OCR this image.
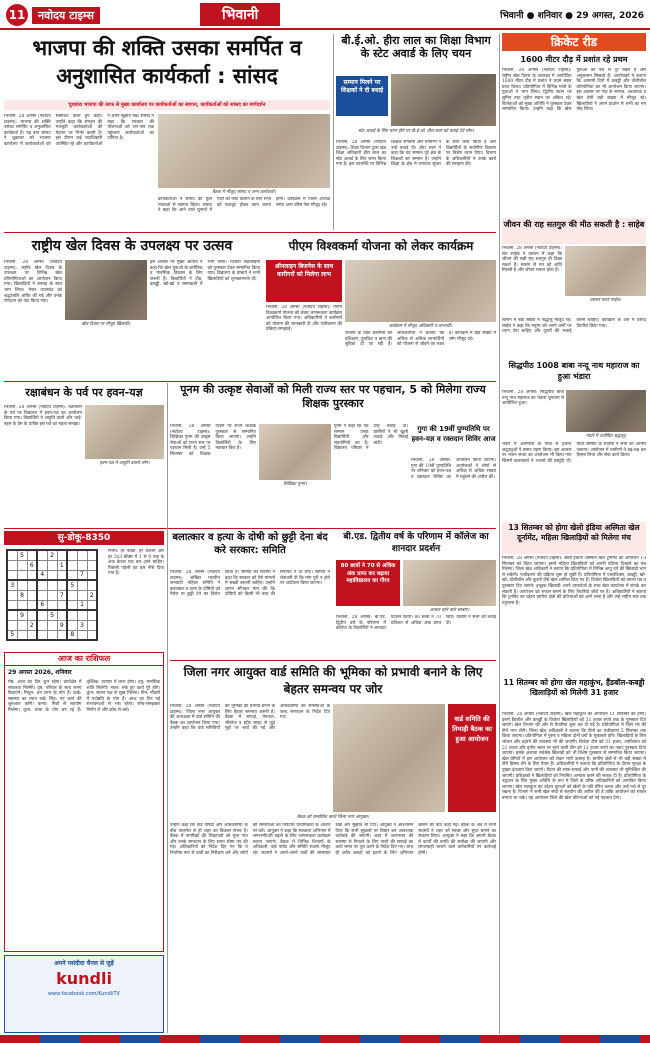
11	नवोदय टाइम्स	भिवानी	भिवानी ● शनिवार ● 29 अगस्त, 2026
भाजपा की शक्ति उसका समर्पित व अनुशासित कार्यकर्ता : सांसद
चुधवारा भाजपा की तरफ से मुख्य कार्यालय पर कार्यकर्ताओं का स्वागत, कार्यकर्ताओं को सांसद का मार्गदर्शन
भिवानी, 28 अगस्त (नवोदय टाइम्स): भाजपा की शक्ति उसका समर्पित व अनुशासित कार्यकर्ता है। यह बात सांसद ने शुक्रवार को भाजपा कार्यालय में कार्यकर्ताओं को संबोधित करते हुए कही। उन्होंने कहा कि संगठन की मजबूती कार्यकर्ताओं की मेहनत पर निर्भर करती है। इस दौरान कई पदाधिकारी उपस्थित रहे और कार्यकर्ताओं ने अपने सुझाव रखे। सांसद ने कहा कि सरकार की योजनाओं को जन-जन तक पहुंचाना कार्यकर्ताओं का दायित्व है।
बैठक में मौजूद सांसद व अन्य कार्यकर्ता।
कार्यकर्ताओं ने सांसद का फूल मालाओं से स्वागत किया। सांसद ने कहा कि आने वाले चुनावों में पार्टी को जीत दिलाने के लिए सभी को एकजुट होकर काम करना होगा। कार्यक्रम में जिला अध्यक्ष समेत अन्य वरिष्ठ नेता मौजूद रहे।
बी.ई.ओ. हीरा लाल का शिक्षा विभाग के स्टेट अवार्ड के लिए चयन
सम्मान मिलने पर शिक्षकों ने दी बधाई
स्टेट अवार्ड के लिए चयन होने पर बी.ई.ओ. हीरा लाल को बधाई देते लोग।
भिवानी, 28 अगस्त (नवोदय टाइम्स): शिक्षा विभाग द्वारा खंड शिक्षा अधिकारी हीरा लाल का स्टेट अवार्ड के लिए चयन किया गया है। इस उपलब्धि पर विभिन्न शिक्षक संगठनों और ग्रामीणों ने उन्हें बधाई दी। हीरा लाल ने कहा कि यह सम्मान पूरे क्षेत्र के शिक्षकों का सम्मान है। उन्होंने शिक्षा के क्षेत्र में लगातार सुधार के लिए कार्य किया है और विद्यार्थियों के सर्वांगीण विकास पर विशेष ध्यान दिया। विभाग के अधिकारियों ने उनके कार्य की सराहना की।
क्रिकेट रीड
1600 मीटर दौड़ में प्रशांत रहे प्रथम
भिवानी, 28 अगस्त (नवोदय टाइम्स): राष्ट्रीय खेल दिवस के उपलक्ष्य में आयोजित 1600 मीटर दौड़ में प्रशांत ने प्रथम स्थान प्राप्त किया। प्रतियोगिता में विभिन्न गांवों के युवाओं ने भाग लिया। द्वितीय स्थान पर सुमित तथा तृतीय स्थान पर अंकित रहे। विजेताओं को मुख्य अतिथि ने पुरस्कार देकर सम्मानित किया। उन्होंने कहा कि खेल युवाओं को नशे से दूर रखते हैं और अनुशासन सिखाते हैं। आयोजकों ने बताया कि आगामी दिनों में कबड्डी और वॉलीबॉल प्रतियोगिता का भी आयोजन किया जाएगा। इस अवसर पर गांव के सरपंच, अध्यापक व खेल प्रेमी बड़ी संख्या में मौजूद रहे। खिलाड़ियों ने अपने प्रदर्शन से सभी का मन मोह लिया।
जीवन की राह सतगुरु की मीठ सकती है : साहेब
भिवानी, 28 अगस्त (नवोदय टाइम्स): संत साहेब ने प्रवचन में कहा कि जीवन की सही राह सतगुरु ही दिखा सकते हैं। सत्संग से मन को शांति मिलती है और जीवन सफल होता है।
प्रवचन करते साहेब।
सत्संग में बड़ी संख्या में श्रद्धालु मौजूद रहे। साहेब ने कहा कि मनुष्य को अपने कर्मों पर ध्यान देना चाहिए और दूसरों की भलाई करनी चाहिए। कार्यक्रम के अंत में प्रसाद वितरित किया गया।
सिद्धपीठ 1008 बाबा नन्दू नाथ महाराज का हुआ भंडारा
भिवानी, 28 अगस्त: सिद्धपीठ बाबा नन्दू नाथ महाराज का भंडारा धूमधाम से आयोजित हुआ।
भंडारे में उपस्थित श्रद्धालु।
भंडारे में आसपास के गांवों से हजारों श्रद्धालुओं ने प्रसाद ग्रहण किया। इस अवसर पर भजन संध्या का आयोजन भी किया गया जिसमें कलाकारों ने भजनों की प्रस्तुति दी। मंदिर समिति के सदस्यों ने सभी का आभार जताया। आयोजन में ग्रामीणों ने बढ़-चढ़ कर हिस्सा लिया और सेवा कार्य किया।
राष्ट्रीय खेल दिवस के उपलक्ष्य पर उत्सव
भिवानी, 28 अगस्त (नवोदय टाइम्स): राष्ट्रीय खेल दिवस के उपलक्ष्य पर विभिन्न खेल प्रतियोगिताओं का आयोजन किया गया। खिलाड़ियों ने उत्साह के साथ भाग लिया। मेजर ध्यानचंद को श्रद्धांजलि अर्पित की गई और उनके योगदान को याद किया गया।
खेल दिवस पर मौजूद खिलाड़ी।
इस अवसर पर मुख्य अतिथि ने कहा कि खेल युवाओं के शारीरिक व मानसिक विकास के लिए जरूरी है। विद्यार्थियों ने दौड़, कबड्डी, खो-खो व रस्साकशी में भाग लिया। विजेता खिलाड़ियों को पुरस्कार देकर सम्मानित किया गया। विद्यालय के प्राचार्य ने सभी खिलाड़ियों को शुभकामनाएं दीं।
पीएम विश्वकर्मा योजना को लेकर कार्यक्रम
ऑनलाइन बिजनेस के साथ कारीगरों को मिलेगा लाभ
भिवानी, 28 अगस्त (नवोदय टाइम्स): पीएम विश्वकर्मा योजना को लेकर जागरूकता कार्यक्रम आयोजित किया गया। अधिकारियों ने कारीगरों को योजना की जानकारी दी और पंजीकरण की प्रक्रिया समझाई।
कार्यक्रम में मौजूद अधिकारी व लाभार्थी।
योजना के तहत कारीगरों को प्रशिक्षण, टूलकिट व ऋण की सुविधा दी जा रही है। अधिकारियों ने बताया कि अधिक से अधिक लाभार्थियों को योजना से जोड़ने का लक्ष्य है। कार्यक्रम में बड़ी संख्या में लोग मौजूद रहे।
रक्षाबंधन के पर्व पर हवन-यज्ञ
भिवानी, 28 अगस्त (नवोदय टाइम्स): रक्षाबंधन के पर्व पर विद्यालय में हवन-यज्ञ का आयोजन किया गया। विद्यार्थियों ने आहुति डाली और भाई-बहन के प्रेम के प्रतीक इस पर्व का महत्व समझा।
हवन-यज्ञ में आहुति डालते लोग।
पूनम की उत्कृष्ट सेवाओं को मिली राज्य स्तर पर पहचान, 5 को मिलेगा राज्य शिक्षक पुरस्कार
भिवानी, 28 अगस्त (नवोदय टाइम्स): शिक्षिका पूनम की उत्कृष्ट सेवाओं को राज्य स्तर पर पहचान मिली है। उन्हें 5 सितम्बर को शिक्षक दिवस पर राज्य शिक्षक पुरस्कार से सम्मानित किया जाएगा। उन्होंने विद्यार्थियों के लिए नवाचार किए हैं।
शिक्षिका पूनम।
पूनम ने कहा कि यह सम्मान उनके विद्यार्थियों और सहयोगियों का है। विद्यालय परिवार ने उन्हें बधाई दी। ग्रामीणों ने भी खुशी जताई और मिठाई बांटी।
गुगा की 19वीं पुण्यतिथि पर हवन-यज्ञ व रक्तदान शिविर आज
भिवानी, 28 अगस्त: गुगा की 19वीं पुण्यतिथि पर शनिवार को हवन-यज्ञ व रक्तदान शिविर का आयोजन किया जाएगा। आयोजकों ने लोगों से अधिक से अधिक संख्या में पहुंचने की अपील की।
13 सितम्बर को होगा खेलो इंडिया अस्मिता खेल दूर्नामेंट, महिला खिलाड़ियों को मिलेगा मंच
भिवानी, 28 अगस्त (नवोदय टाइम्स): खेलो इंडिया अस्मिता खेल टूर्नामेंट का आयोजन 13 सितम्बर को किया जाएगा। इसमें महिला खिलाड़ियों को अपनी प्रतिभा दिखाने का मंच मिलेगा। जिला खेल अधिकारी ने बताया कि प्रतियोगिता में विभिन्न आयु वर्ग की खिलाड़ी भाग ले सकेंगी। पंजीकरण की प्रक्रिया शुरू हो चुकी है। प्रतियोगिता में एथलेटिक्स, कबड्डी, खो-खो, वॉलीबॉल और कुश्ती जैसे खेल शामिल किए गए हैं। विजेता खिलाड़ियों को प्रमाण पत्र व पुरस्कार दिए जाएंगे। इच्छुक खिलाड़ी अपने दस्तावेजों के साथ खेल कार्यालय में संपर्क कर सकती हैं। आयोजन को सफल बनाने के लिए तैयारियां जोरों पर हैं। अधिकारियों ने बताया कि टूर्नामेंट का उद्देश्य ग्रामीण क्षेत्रों की प्रतिभाओं को आगे लाना है और उन्हें राष्ट्रीय स्तर तक पहुंचाना है।
11 सितम्बर को होगा खेल महाकुंभ, हैंडबॉल-कबड्डी खिलाड़ियों को मिलेगी 31 हजार
भिवानी, 28 अगस्त (नवोदय टाइम्स): खेल महाकुंभ का आयोजन 11 सितम्बर को होगा। इसमें हैंडबॉल और कबड्डी के विजेता खिलाड़ियों को 31 हजार रुपये तक के पुरस्कार दिए जाएंगे। खेल विभाग की ओर से तैयारियां शुरू कर दी गई हैं। प्रतियोगिता में जिले भर की टीमें भाग लेंगी। जिला खेल अधिकारी ने बताया कि टीमों का पंजीकरण 5 सितम्बर तक किया जाएगा। प्रतियोगिता में पुरुष व महिला दोनों वर्गों के मुकाबले होंगे। खिलाड़ियों के लिए भोजन और ठहरने की व्यवस्था भी की जाएगी। विजेता टीम को 31 हजार, उपविजेता को 21 हजार और तृतीय स्थान पर रहने वाली टीम को 11 हजार रुपये का नकद पुरस्कार दिया जाएगा। इसके अलावा सर्वश्रेष्ठ खिलाड़ी को भी विशेष पुरस्कार से सम्मानित किया जाएगा। खेल प्रेमियों में इस आयोजन को लेकर भारी उत्साह है। ग्रामीण क्षेत्रों से भी बड़ी संख्या में टीमें हिस्सा लेने के लिए तैयार हैं। अधिकारियों ने बताया कि प्रतियोगिता के दौरान सुरक्षा के पुख्ता इंतजाम किए जाएंगे। मैदान की साफ-सफाई और पानी की व्यवस्था भी सुनिश्चित की जाएगी। प्रशिक्षकों ने खिलाड़ियों को नियमित अभ्यास करने की सलाह दी है। प्रतियोगिता के उद्घाटन के लिए मुख्य अतिथि के रूप में जिले के वरिष्ठ अधिकारियों को आमंत्रित किया जाएगा। खेल महाकुंभ का उद्देश्य युवाओं को खेलों के प्रति प्रेरित करना और उन्हें नशे से दूर रखना है। विभाग ने सभी खेल संघों से सहयोग की अपील की है ताकि आयोजन को सफल बनाया जा सके। यह आयोजन जिले की खेल प्रतिभाओं को नई पहचान देगा।
सु-डोकू-8350
	5			2				
		6			1			
			4				7	
3						5		
	8				7			2
			6				1	
	9			5				
		2			9		3	
5						8		
नियम: हर पंक्ति, हर कॉलम और हर 3x3 बॉक्स में 1 से 9 तक के अंक केवल एक बार आने चाहिए। पिछली पहेली का हल नीचे दिया गया है।
बलात्कार व हत्या के दोषी को छुट्टी देना बंद करे सरकार: समिति
भिवानी, 28 अगस्त (नवोदय टाइम्स): अखिल भारतीय जनवादी महिला समिति ने बलात्कार व हत्या के दोषियों को पैरोल या छुट्टी देने का विरोध किया है। समिति की सदस्यों ने कहा कि सरकार को ऐसे मामलों में सख्ती बरतनी चाहिए। उन्होंने ज्ञापन सौंपकर मांग की कि दोषियों को किसी भी तरह की रियायत न दी जाए। समिति ने चेतावनी दी कि मांग पूरी न होने पर आंदोलन किया जाएगा।
बी.एड. द्वितीय वर्ष के परिणाम में कॉलेज का शानदार प्रदर्शन
80 छात्रों ने 70 से अधिक अंक प्राप्त कर बढ़ाया महाविद्यालय का गौरव
अव्वल रहने वाले छात्राएं।
भिवानी, 28 अगस्त: बी.एड. द्वितीय वर्ष के परिणाम में कॉलेज के विद्यार्थियों ने शानदार प्रदर्शन किया। 80 छात्रों ने 70 प्रतिशत से अधिक अंक प्राप्त किए। प्राचार्य ने सभी को बधाई दी।
आज का राशिफल
29 अगस्त 2026, शनिवार
मेष: आज का दिन शुभ रहेगा। कार्यक्षेत्र में सफलता मिलेगी। वृष: परिवार के साथ समय बिताएंगे। मिथुन: धन लाभ के योग हैं। कर्क: स्वास्थ्य का ध्यान रखें। सिंह: नए कार्य की शुरुआत करेंगे। कन्या: मित्रों से सहयोग मिलेगा। तुला: यात्रा के योग बन रहे हैं। वृश्चिक: व्यापार में लाभ होगा। धनु: मानसिक शांति मिलेगी। मकर: रुके हुए कार्य पूरे होंगे। कुंभ: संतान पक्ष से सुख मिलेगा। मीन: नौकरी में पदोन्नति के योग हैं। आज का दिन नई संभावनाओं से भरा रहेगा। सोच-समझकर निर्णय लें और क्रोध से बचें।
अपने पसंदीदा चैनल से जुड़ें
kundli
www.facebook.com/KundliTV
जिला नगर आयुक्त वार्ड समिति की भूमिका को प्रभावी बनाने के लिए बेहतर समन्वय पर जोर
भिवानी, 28 अगस्त (नवोदय टाइम्स): जिला नगर आयुक्त की अध्यक्षता में वार्ड समिति की बैठक का आयोजन किया गया। उन्होंने कहा कि वार्ड समितियों की भूमिका को प्रभावी बनाने के लिए बेहतर समन्वय जरूरी है। बैठक में सफाई, पेयजल, सीवरेज व स्ट्रीट लाइट से जुड़े मुद्दों पर चर्चा की गई और अधिकारियों को समस्याओं के जल्द समाधान के निर्देश दिए गए।	वार्ड समिति की तिमाही बैठक का हुआ आयोजन
बैठक को सम्बोधित करते जिला नगर आयुक्त।
उन्होंने कहा कि वार्ड पार्षदों और अधिकारियों के बीच तालमेल से ही शहर का विकास संभव है। बैठक में नागरिकों की शिकायतों को सुना गया और उनके समाधान के लिए समय सीमा तय की गई। अधिकारियों को निर्देश दिए गए कि वे नियमित रूप से वार्डों का निरीक्षण करें और लोगों की समस्याओं का निपटारा प्राथमिकता के आधार पर करें। आयुक्त ने कहा कि स्वच्छता अभियान में जनभागीदारी बढ़ाने के लिए जागरूकता कार्यक्रम चलाए जाएंगे। बैठक में विभिन्न विभागों के अधिकारी, वार्ड पार्षद और समिति सदस्य मौजूद रहे। सदस्यों ने अपने-अपने वार्डों की समस्याएं रखीं और सुझाव भी दिए। आयुक्त ने आश्वासन दिया कि सभी सुझावों पर विचार कर आवश्यक कार्रवाई की जाएगी। शहर में जलभराव की समस्या से निपटने के लिए नालों की सफाई का कार्य समय पर पूरा करने के निर्देश दिए गए। साथ ही अवैध कब्जों को हटाने के लिए अभियान चलाने की बात कही गई। बैठक के अंत में सभी सदस्यों ने शहर को स्वच्छ और सुंदर बनाने का संकल्प लिया। आयुक्त ने कहा कि अगली बैठक में कार्यों की प्रगति की समीक्षा की जाएगी और लापरवाही बरतने वाले कर्मचारियों पर कार्रवाई होगी।
